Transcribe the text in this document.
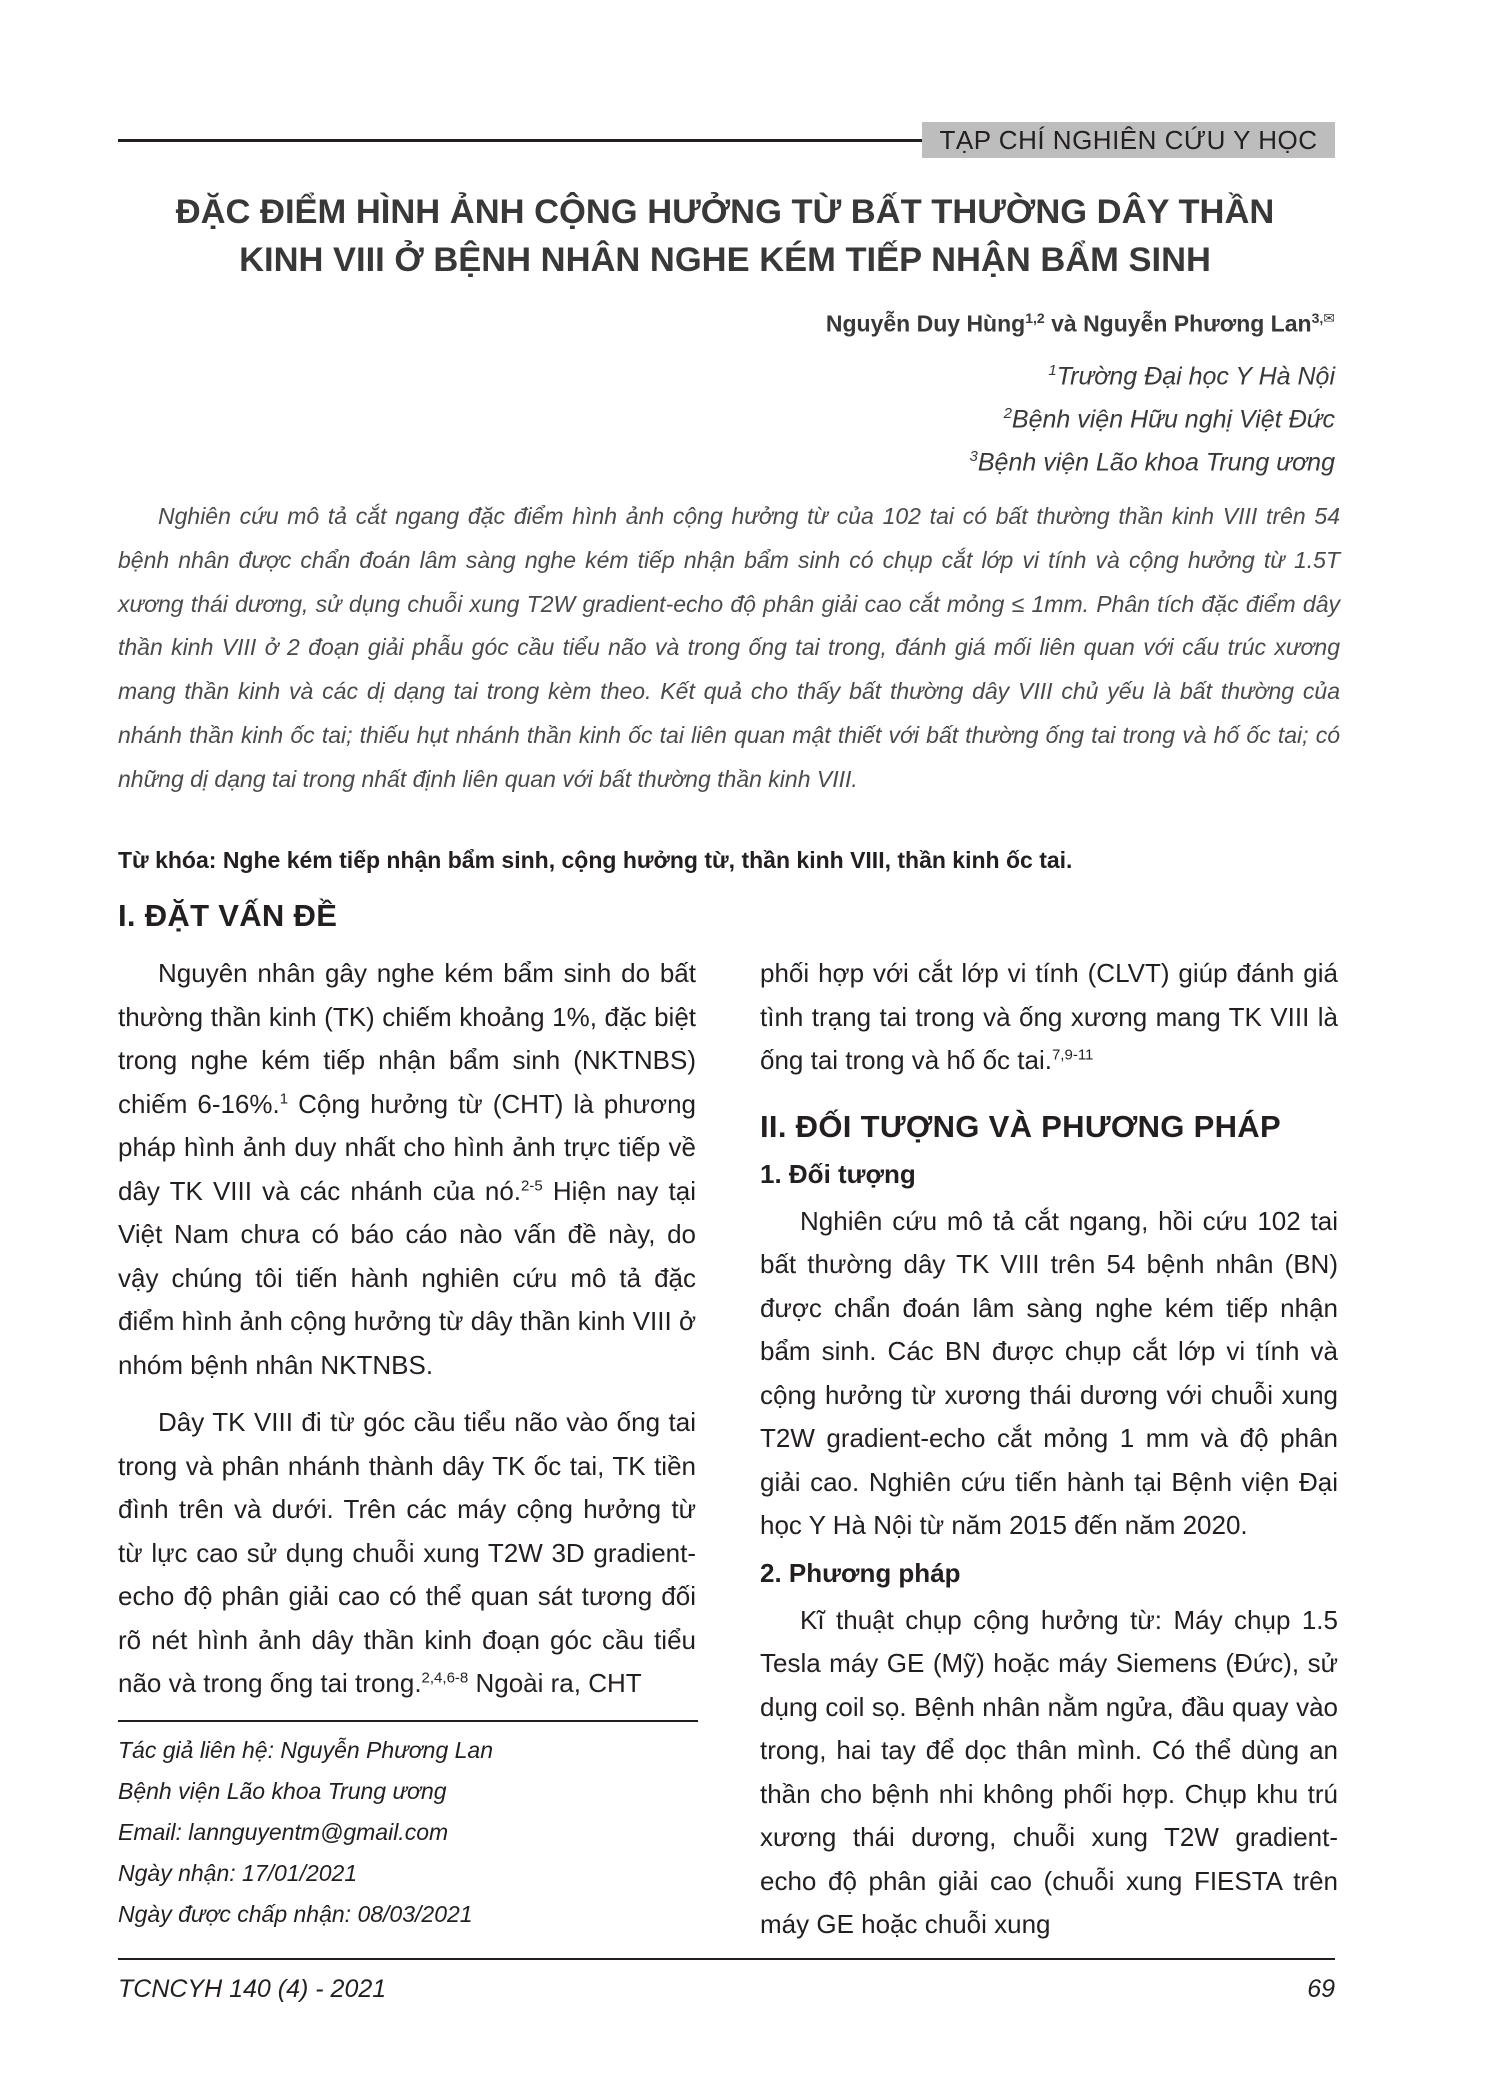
TẠP CHÍ NGHIÊN CỨU Y HỌC
ĐẶC ĐIỂM HÌNH ẢNH CỘNG HƯỞNG TỪ BẤT THƯỜNG DÂY THẦN
KINH VIII Ở BỆNH NHÂN NGHE KÉM TIẾP NHẬN BẨM SINH
Nguyễn Duy Hùng$^{1,2}$ và Nguyễn Phương Lan$^{3,✉}$
$^1$Trường Đại học Y Hà Nội
$^2$Bệnh viện Hữu nghị Việt Đức
$^3$Bệnh viện Lão khoa Trung ương
Nghiên cứu mô tả cắt ngang đặc điểm hình ảnh cộng hưởng từ của 102 tai có bất thường thần kinh VIII trên 54 bệnh nhân được chẩn đoán lâm sàng nghe kém tiếp nhận bẩm sinh có chụp cắt lớp vi tính và cộng hưởng từ 1.5T xương thái dương, sử dụng chuỗi xung T2W gradient-echo độ phân giải cao cắt mỏng ≤ 1mm. Phân tích đặc điểm dây thần kinh VIII ở 2 đoạn giải phẫu góc cầu tiểu não và trong ống tai trong, đánh giá mối liên quan với cấu trúc xương mang thần kinh và các dị dạng tai trong kèm theo. Kết quả cho thấy bất thường dây VIII chủ yếu là bất thường của nhánh thần kinh ốc tai; thiếu hụt nhánh thần kinh ốc tai liên quan mật thiết với bất thường ống tai trong và hố ốc tai; có những dị dạng tai trong nhất định liên quan với bất thường thần kinh VIII.
Từ khóa: Nghe kém tiếp nhận bẩm sinh, cộng hưởng từ, thần kinh VIII, thần kinh ốc tai.
I. ĐẶT VẤN ĐỀ

Nguyên nhân gây nghe kém bẩm sinh do bất thường thần kinh (TK) chiếm khoảng 1%, đặc biệt trong nghe kém tiếp nhận bẩm sinh (NKTNBS) chiếm 6-16%.$^1$ Cộng hưởng từ (CHT) là phương pháp hình ảnh duy nhất cho hình ảnh trực tiếp về dây TK VIII và các nhánh của nó.$^{2-5}$ Hiện nay tại Việt Nam chưa có báo cáo nào vấn đề này, do vậy chúng tôi tiến hành nghiên cứu mô tả đặc điểm hình ảnh cộng hưởng từ dây thần kinh VIII ở nhóm bệnh nhân NKTNBS.

Dây TK VIII đi từ góc cầu tiểu não vào ống tai trong và phân nhánh thành dây TK ốc tai, TK tiền đình trên và dưới. Trên các máy cộng hưởng từ từ lực cao sử dụng chuỗi xung T2W 3D gradient-echo độ phân giải cao có thể quan sát tương đối rõ nét hình ảnh dây thần kinh đoạn góc cầu tiểu não và trong ống tai trong.$^{2,4,6-8}$ Ngoài ra, CHT

Tác giả liên hệ: Nguyễn Phương Lan
Bệnh viện Lão khoa Trung ương
Email: lannguyentm@gmail.com
Ngày nhận: 17/01/2021
Ngày được chấp nhận: 08/03/2021

phối hợp với cắt lớp vi tính (CLVT) giúp đánh giá tình trạng tai trong và ống xương mang TK VIII là ống tai trong và hố ốc tai.$^{7,9-11}$

II. ĐỐI TƯỢNG VÀ PHƯƠNG PHÁP
1. Đối tượng

Nghiên cứu mô tả cắt ngang, hồi cứu 102 tai bất thường dây TK VIII trên 54 bệnh nhân (BN) được chẩn đoán lâm sàng nghe kém tiếp nhận bẩm sinh. Các BN được chụp cắt lớp vi tính và cộng hưởng từ xương thái dương với chuỗi xung T2W gradient-echo cắt mỏng 1 mm và độ phân giải cao. Nghiên cứu tiến hành tại Bệnh viện Đại học Y Hà Nội từ năm 2015 đến năm 2020.

2. Phương pháp

Kĩ thuật chụp cộng hưởng từ: Máy chụp 1.5 Tesla máy GE (Mỹ) hoặc máy Siemens (Đức), sử dụng coil sọ. Bệnh nhân nằm ngửa, đầu quay vào trong, hai tay để dọc thân mình. Có thể dùng an thần cho bệnh nhi không phối hợp. Chụp khu trú xương thái dương, chuỗi xung T2W gradient-echo độ phân giải cao (chuỗi xung FIESTA trên máy GE hoặc chuỗi xung

TCNCYH 140 (4) - 2021	69
